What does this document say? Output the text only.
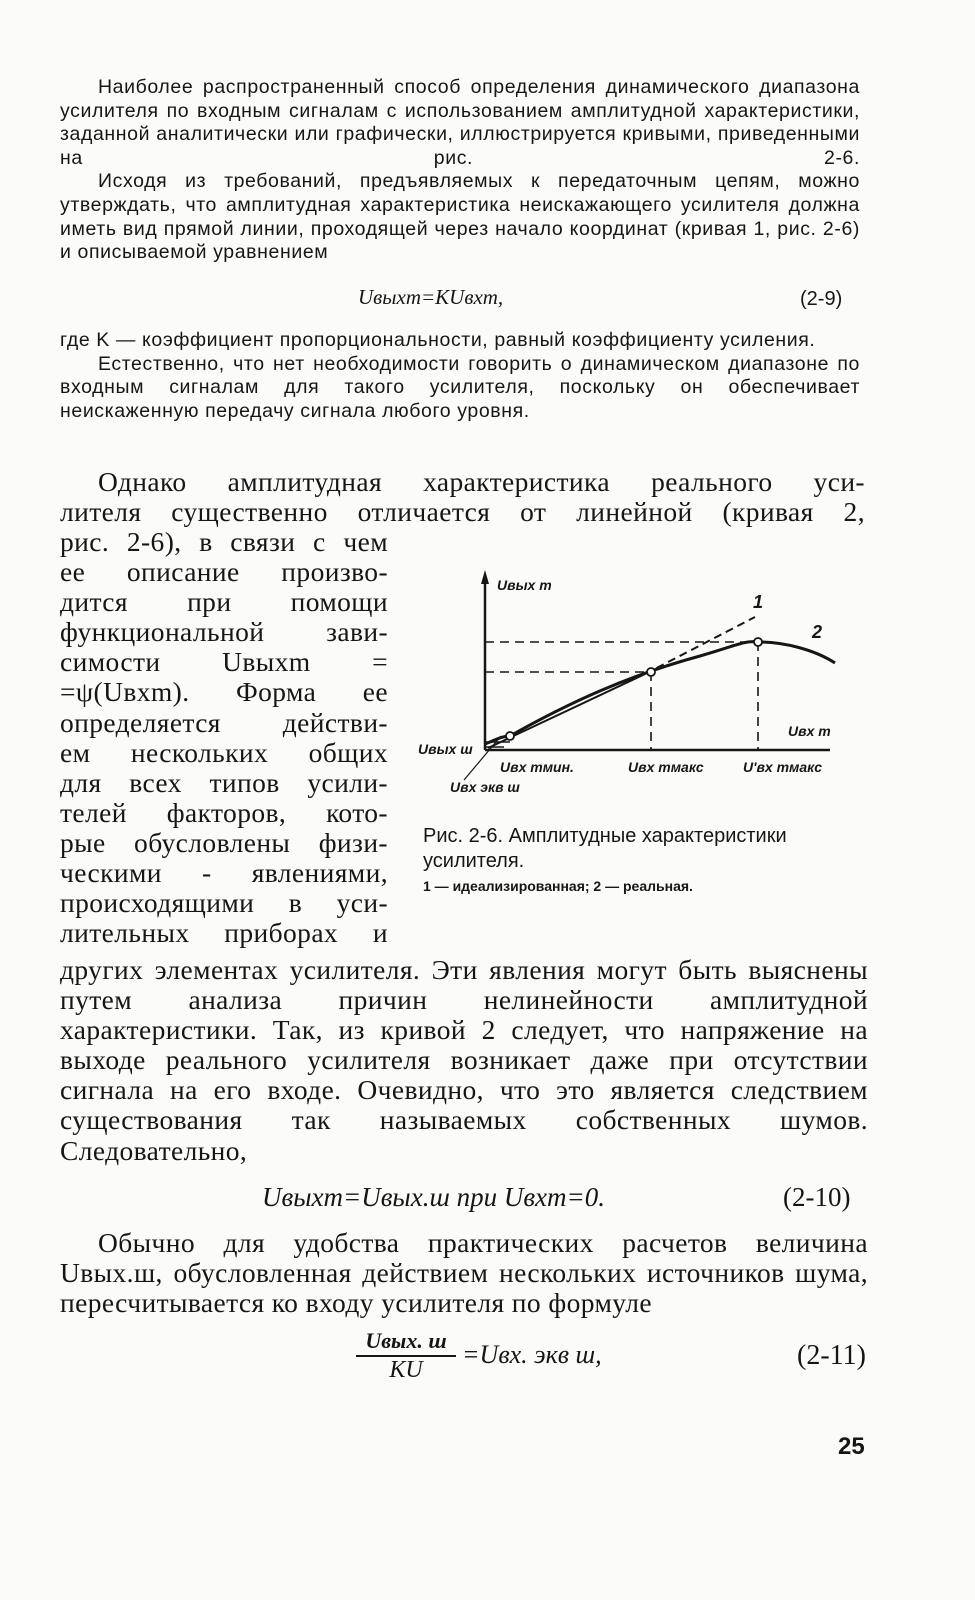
Наиболее распространенный способ определения динамического диапазона усилителя по входным сигналам с использованием амплитудной характеристики, заданной аналитически или графически, иллюстрируется кривыми, приведенными на рис. 2-6.

Исходя из требований, предъявляемых к передаточным цепям, можно утверждать, что амплитудная характеристика неискажающего усилителя должна иметь вид прямой линии, проходящей через начало координат (кривая 1, рис. 2-6) и описываемой уравнением

Uвыхm=KUвхm,	(2-9)

где K — коэффициент пропорциональности, равный коэффициенту усиления.

Естественно, что нет необходимости говорить о динамическом диапазоне по входным сигналам для такого усилителя, поскольку он обеспечивает неискаженную передачу сигнала любого уровня.

Однако амплитудная характеристика реального уси-

лителя существенно отличается от линейной (кривая 2,

рис. 2-6), в связи с чем

ее описание произво-

дится при помощи

функциональной зави-

симости Uвыхm =

=ψ(Uвхm). Форма ее

определяется действи-

ем нескольких общих

для всех типов усили-

телей факторов, кото-

рые обусловлены физи-

ческими - явлениями,

происходящими в уси-

лительных приборах и

Uвых m
Uвх m
1
2
Uвых ш
Uвх экв ш
Uвх mмин.	Uвх mмакс	U'вх mмакс
Рис. 2-6. Амплитудные характеристики усилителя.
1 — идеализированная; 2 — реальная.

других элементах усилителя. Эти явления могут быть выяснены путем анализа причин нелинейности амплитудной характеристики. Так, из кривой 2 следует, что напряжение на выходе реального усилителя возникает даже при отсутствии сигнала на его входе. Очевидно, что это является следствием существования так называемых собственных шумов. Следовательно,

Uвыхm=Uвых.ш при Uвхm=0.	(2-10)

Обычно для удобства практических расчетов величина Uвых.ш, обусловленная действием нескольких источников шума, пересчитывается ко входу усилителя по формуле

Uвых. ш
KU
=Uвх. экв ш,	(2-11)
25
